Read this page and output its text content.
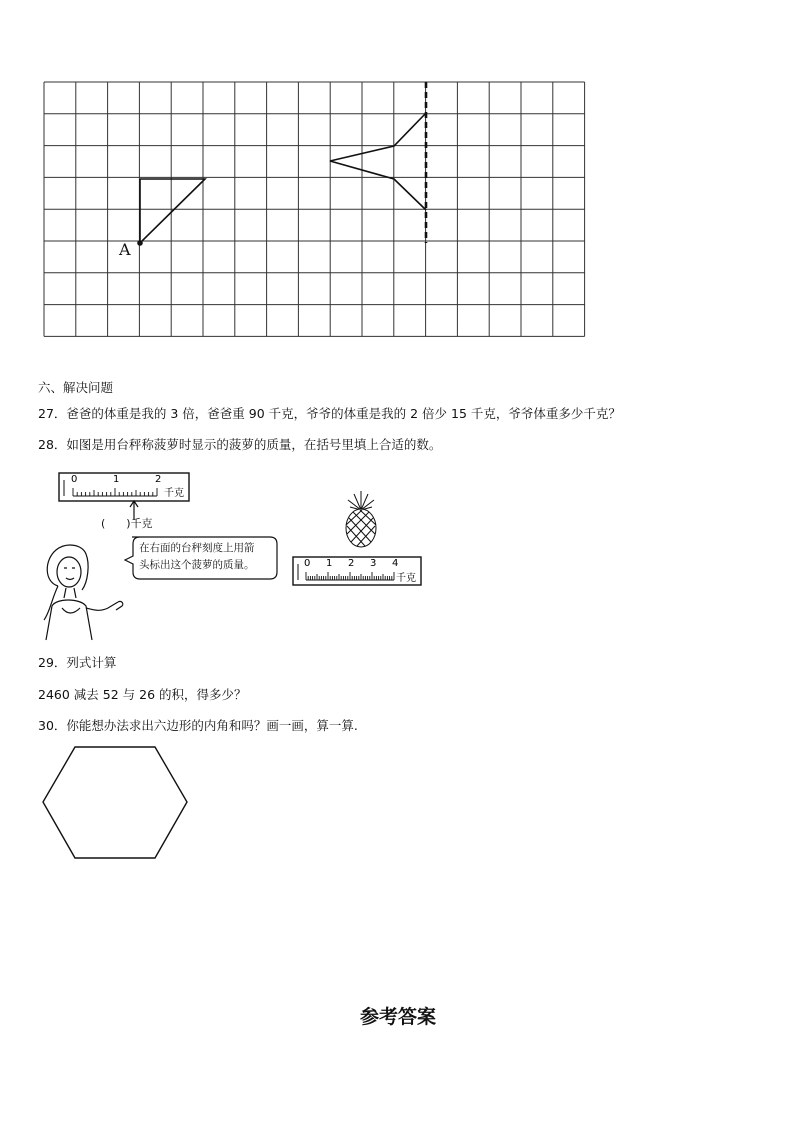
A
六、解决问题
27．爸爸的体重是我的 3 倍，爸爸重 90 千克，爷爷的体重是我的 2 倍少 15 千克，爷爷体重多少千克？
28．如图是用台秤称菠萝时显示的菠萝的质量，在括号里填上合适的数。
0	1	2
千克
(      )千克
在右面的台秤刻度上用箭
头标出这个菠萝的质量。	0 1 2 3 4
千克
29．列式计算
2460 减去 52 与 26 的积，得多少？
30．你能想办法求出六边形的内角和吗？画一画，算一算.
参考答案
